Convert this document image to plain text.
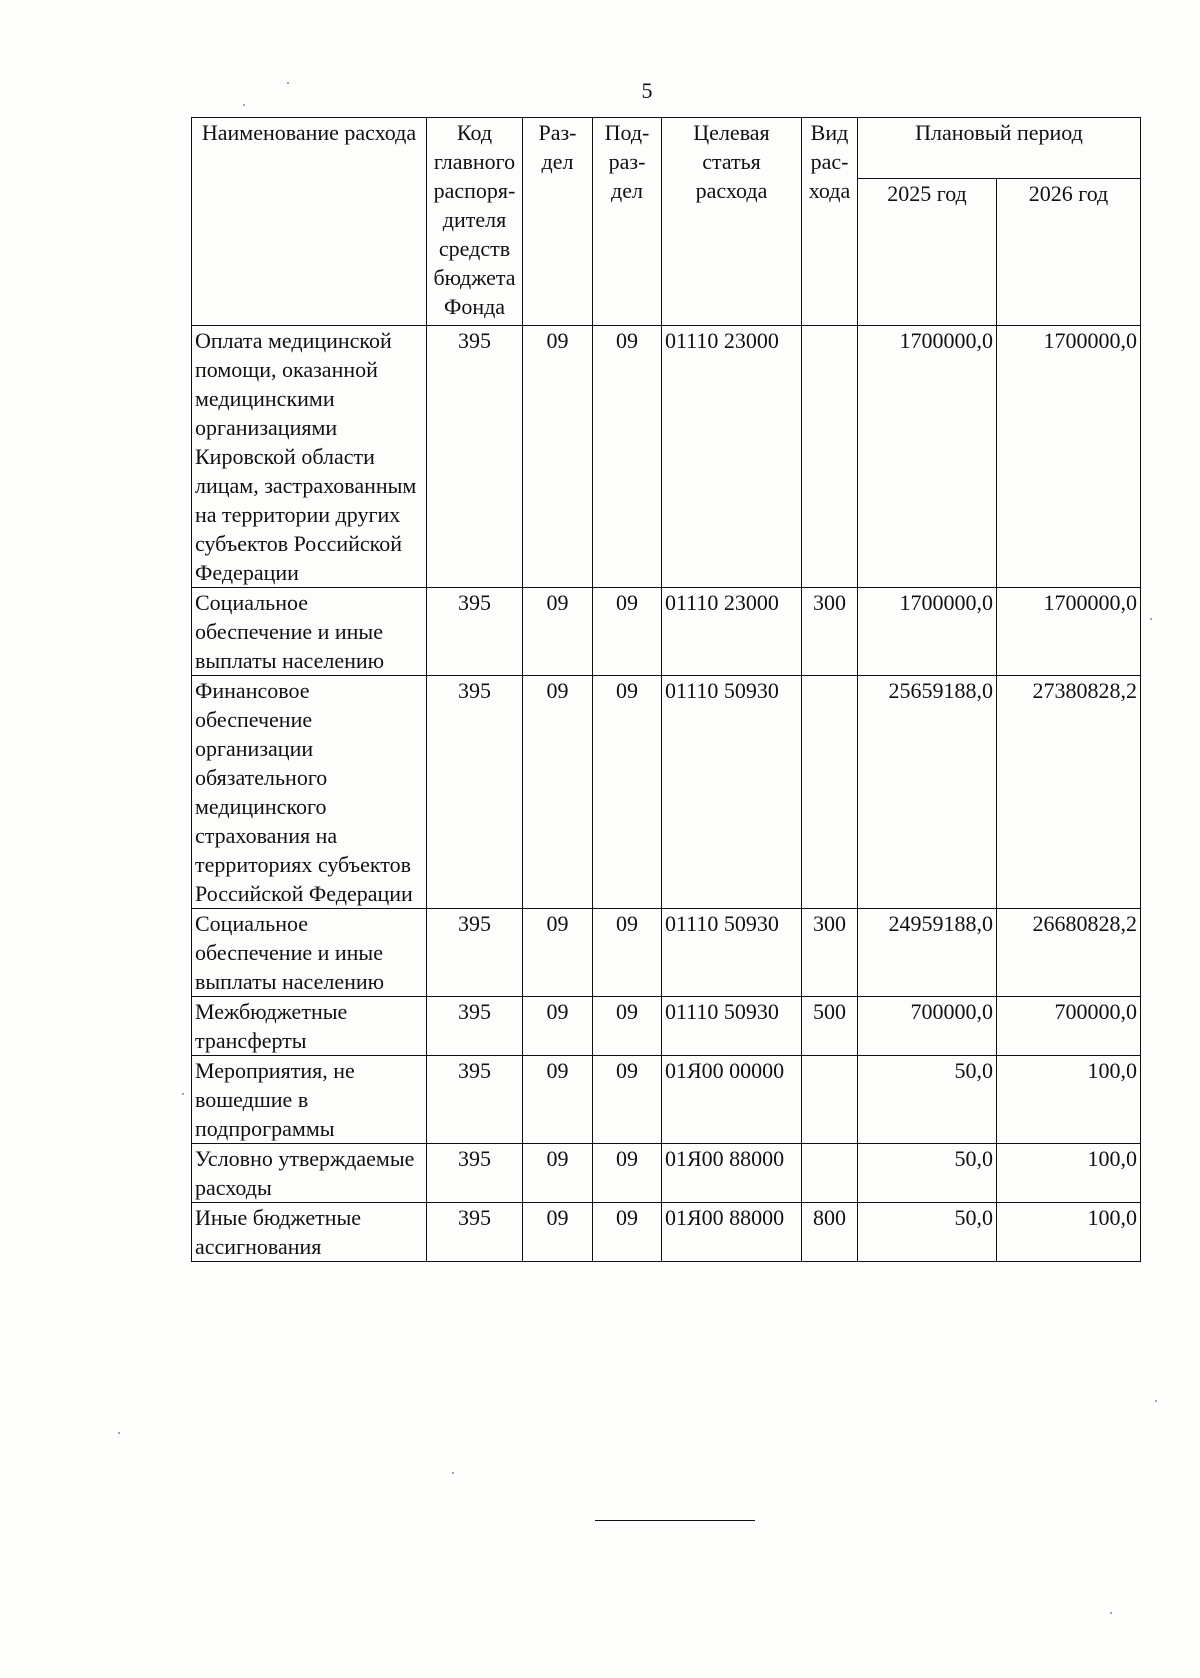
5
Наименование расхода	Код главного распоря-дителя средств бюджета Фонда	Раз-дел	Под-раз-дел	Целевая статья расхода	Вид рас-хода	Плановый период	
						2025 год	2026 год
Оплата медицинской помощи, оказанной медицинскими организациями Кировской области лицам, застрахованным на территории других субъектов Российской Федерации	395	09	09	01110 23000		1700000,0	1700000,0
Социальное обеспечение и иные выплаты населению	395	09	09	01110 23000	300	1700000,0	1700000,0
Финансовое обеспечение организации обязательного медицинского страхования на территориях субъектов Российской Федерации	395	09	09	01110 50930		25659188,0	27380828,2
Социальное обеспечение и иные выплаты населению	395	09	09	01110 50930	300	24959188,0	26680828,2
Межбюджетные трансферты	395	09	09	01110 50930	500	700000,0	700000,0
Мероприятия, не вошедшие в подпрограммы	395	09	09	01Я00 00000		50,0	100,0
Условно утверждаемые расходы	395	09	09	01Я00 88000		50,0	100,0
Иные бюджетные ассигнования	395	09	09	01Я00 88000	800	50,0	100,0
